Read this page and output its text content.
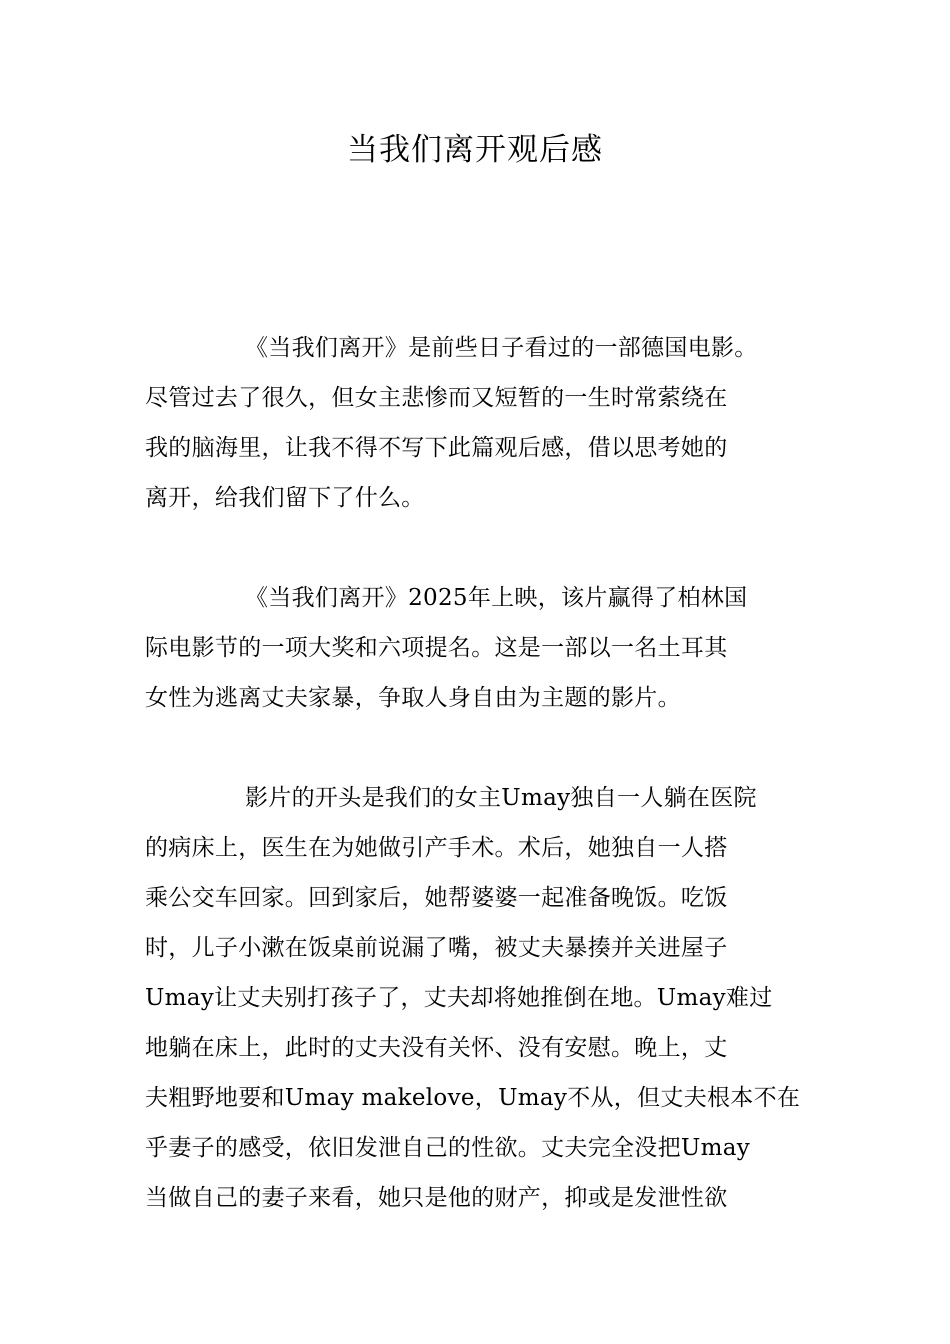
当我们离开观后感
《当我们离开》是前些日子看过的一部德国电影。
尽管过去了很久，但女主悲惨而又短暂的一生时常萦绕在
我的脑海里，让我不得不写下此篇观后感，借以思考她的
离开，给我们留下了什么。
《当我们离开》2025年上映，该片赢得了柏林国
际电影节的一项大奖和六项提名。这是一部以一名土耳其
女性为逃离丈夫家暴，争取人身自由为主题的影片。
影片的开头是我们的女主Umay独自一人躺在医院
的病床上，医生在为她做引产手术。术后，她独自一人搭
乘公交车回家。回到家后，她帮婆婆一起准备晚饭。吃饭
时，儿子小漱在饭桌前说漏了嘴，被丈夫暴揍并关进屋子
Umay让丈夫别打孩子了，丈夫却将她推倒在地。Umay难过
地躺在床上，此时的丈夫没有关怀、没有安慰。晚上，丈
夫粗野地要和Umay makelove，Umay不从，但丈夫根本不在
乎妻子的感受，依旧发泄自己的性欲。丈夫完全没把Umay
当做自己的妻子来看，她只是他的财产，抑或是发泄性欲
